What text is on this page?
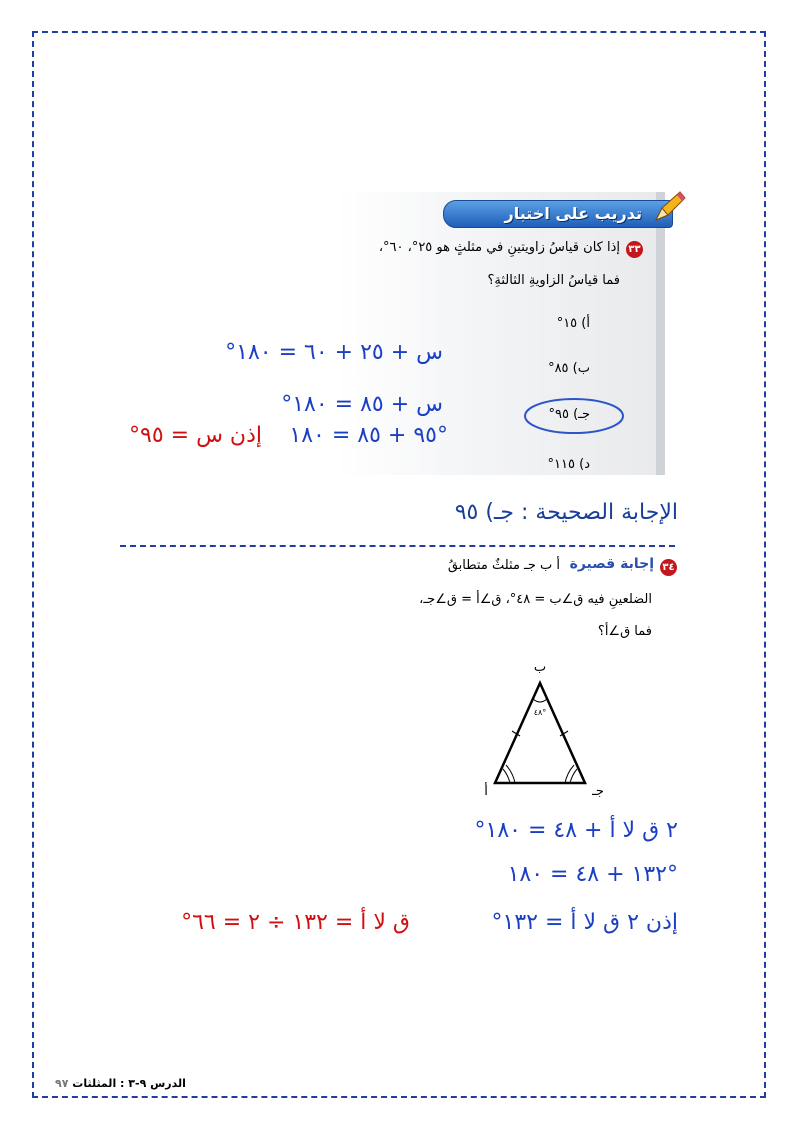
تدريب على اختبار
٣٣
إذا كان قياسُ زاويتينِ في مثلثٍ هو ٢٥°، ٦٠°،
فما قياسُ الزاويةِ الثالثةِ؟
أ) ١٥°
ب) ٨٥°
جـ) ٩٥°
د) ١١٥°
س + ٢٥ + ٦٠ = ١٨٠°
س + ٨٥ = ١٨٠°
٩٥ + ٨٥ = ١٨٠°
إذن س = ٩٥°
الإجابة الصحيحة : جـ) ٩٥
٣٤
إجابة قصيرة
أ ب جـ مثلثٌ متطابقُ
الضلعينِ فيه ق∠ب = ٤٨°، ق∠أ = ق∠جـ،
فما ق∠أ؟
ب
أ	جـ
٤٨°
٢ ق لا أ + ٤٨ = ١٨٠°
١٣٢ + ٤٨ = ١٨٠°
إذن ٢ ق لا أ = ١٣٢°
ق لا أ = ١٣٢ ÷ ٢ = ٦٦°
الدرس ٩-٣ : المثلثات ٩٧
